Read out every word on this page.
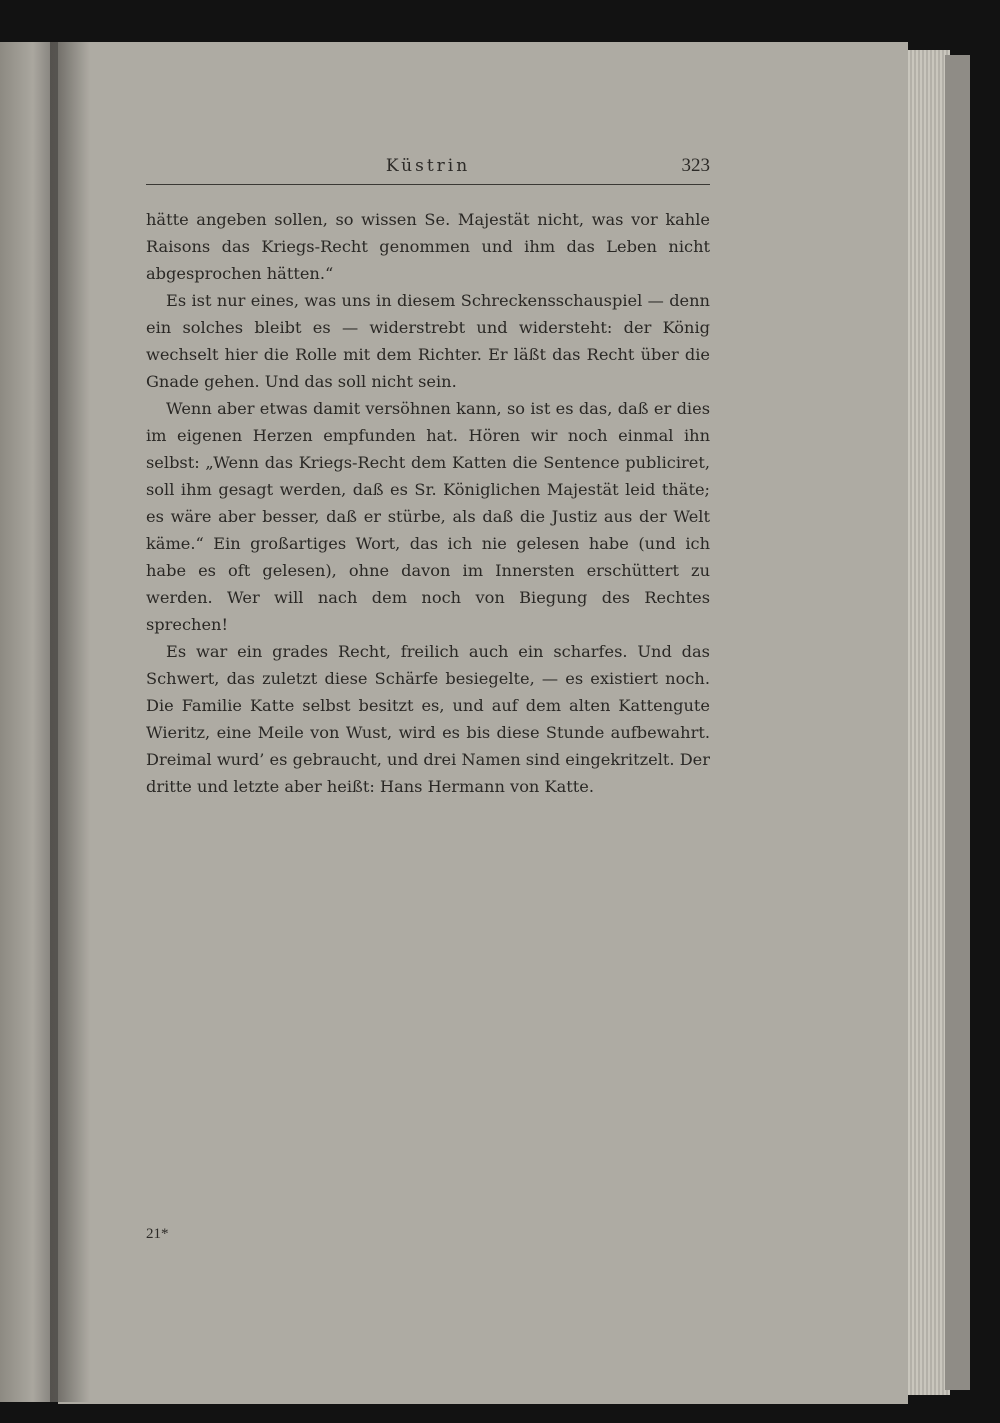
Küstrin	323

hätte angeben sollen, so wissen Se. Majestät nicht, was vor kahle Raisons das Kriegs-Recht genommen und ihm das Leben nicht abgesprochen hätten.“

Es ist nur eines, was uns in diesem Schreckensschauspiel — denn ein solches bleibt es — widerstrebt und widersteht: der König wechselt hier die Rolle mit dem Richter. Er läßt das Recht über die Gnade gehen. Und das soll nicht sein.

Wenn aber etwas damit versöhnen kann, so ist es das, daß er dies im eigenen Herzen empfunden hat. Hören wir noch einmal ihn selbst: „Wenn das Kriegs-Recht dem Katten die Sentence publiciret, soll ihm gesagt werden, daß es Sr. Königlichen Majestät leid thäte; es wäre aber besser, daß er stürbe, als daß die Justiz aus der Welt käme.“ Ein großartiges Wort, das ich nie gelesen habe (und ich habe es oft gelesen), ohne davon im Innersten erschüttert zu werden. Wer will nach dem noch von Biegung des Rechtes sprechen!

Es war ein grades Recht, freilich auch ein scharfes. Und das Schwert, das zuletzt diese Schärfe besiegelte, — es existiert noch. Die Familie Katte selbst besitzt es, und auf dem alten Kattengute Wieritz, eine Meile von Wust, wird es bis diese Stunde aufbewahrt. Dreimal wurd’ es gebraucht, und drei Namen sind eingekritzelt. Der dritte und letzte aber heißt: Hans Hermann von Katte.

21*
